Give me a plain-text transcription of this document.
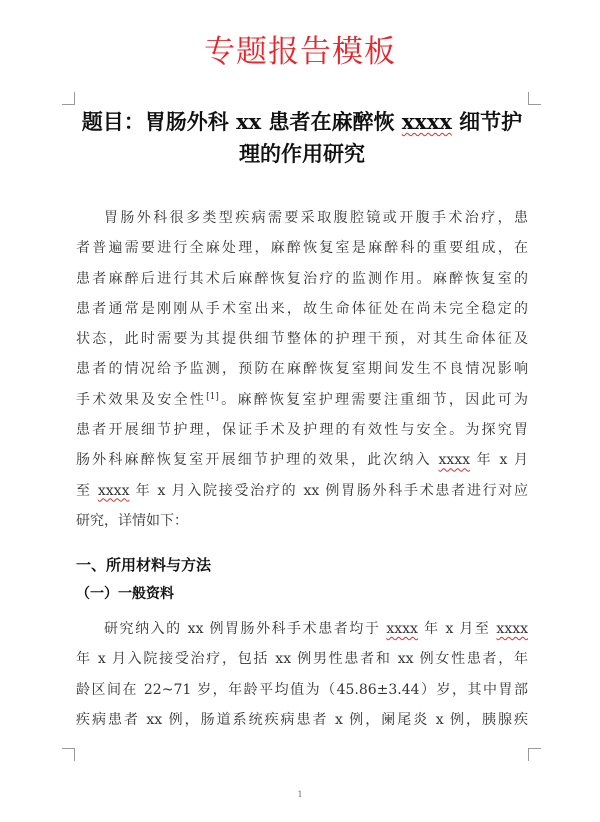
专题报告模板
题目：胃肠外科 xx 患者在麻醉恢 xxxx 细节护
理的作用研究
胃肠外科很多类型疾病需要采取腹腔镜或开腹手术治疗，患
者普遍需要进行全麻处理，麻醉恢复室是麻醉科的重要组成，在
患者麻醉后进行其术后麻醉恢复治疗的监测作用。麻醉恢复室的
患者通常是刚刚从手术室出来，故生命体征处在尚未完全稳定的
状态，此时需要为其提供细节整体的护理干预，对其生命体征及
患者的情况给予监测，预防在麻醉恢复室期间发生不良情况影响
手术效果及安全性[1]。麻醉恢复室护理需要注重细节，因此可为
患者开展细节护理，保证手术及护理的有效性与安全。为探究胃
肠外科麻醉恢复室开展细节护理的效果，此次纳入 xxxx 年 x 月
至 xxxx 年 x 月入院接受治疗的 xx 例胃肠外科手术患者进行对应
研究，详情如下：
一、所用材料与方法
（一）一般资料
研究纳入的 xx 例胃肠外科手术患者均于 xxxx 年 x 月至 xxxx
年 x 月入院接受治疗，包括 xx 例男性患者和 xx 例女性患者，年
龄区间在 22~71 岁，年龄平均值为（45.86±3.44）岁，其中胃部
疾病患者 xx 例，肠道系统疾病患者 x 例，阑尾炎 x 例，胰腺疾
1
